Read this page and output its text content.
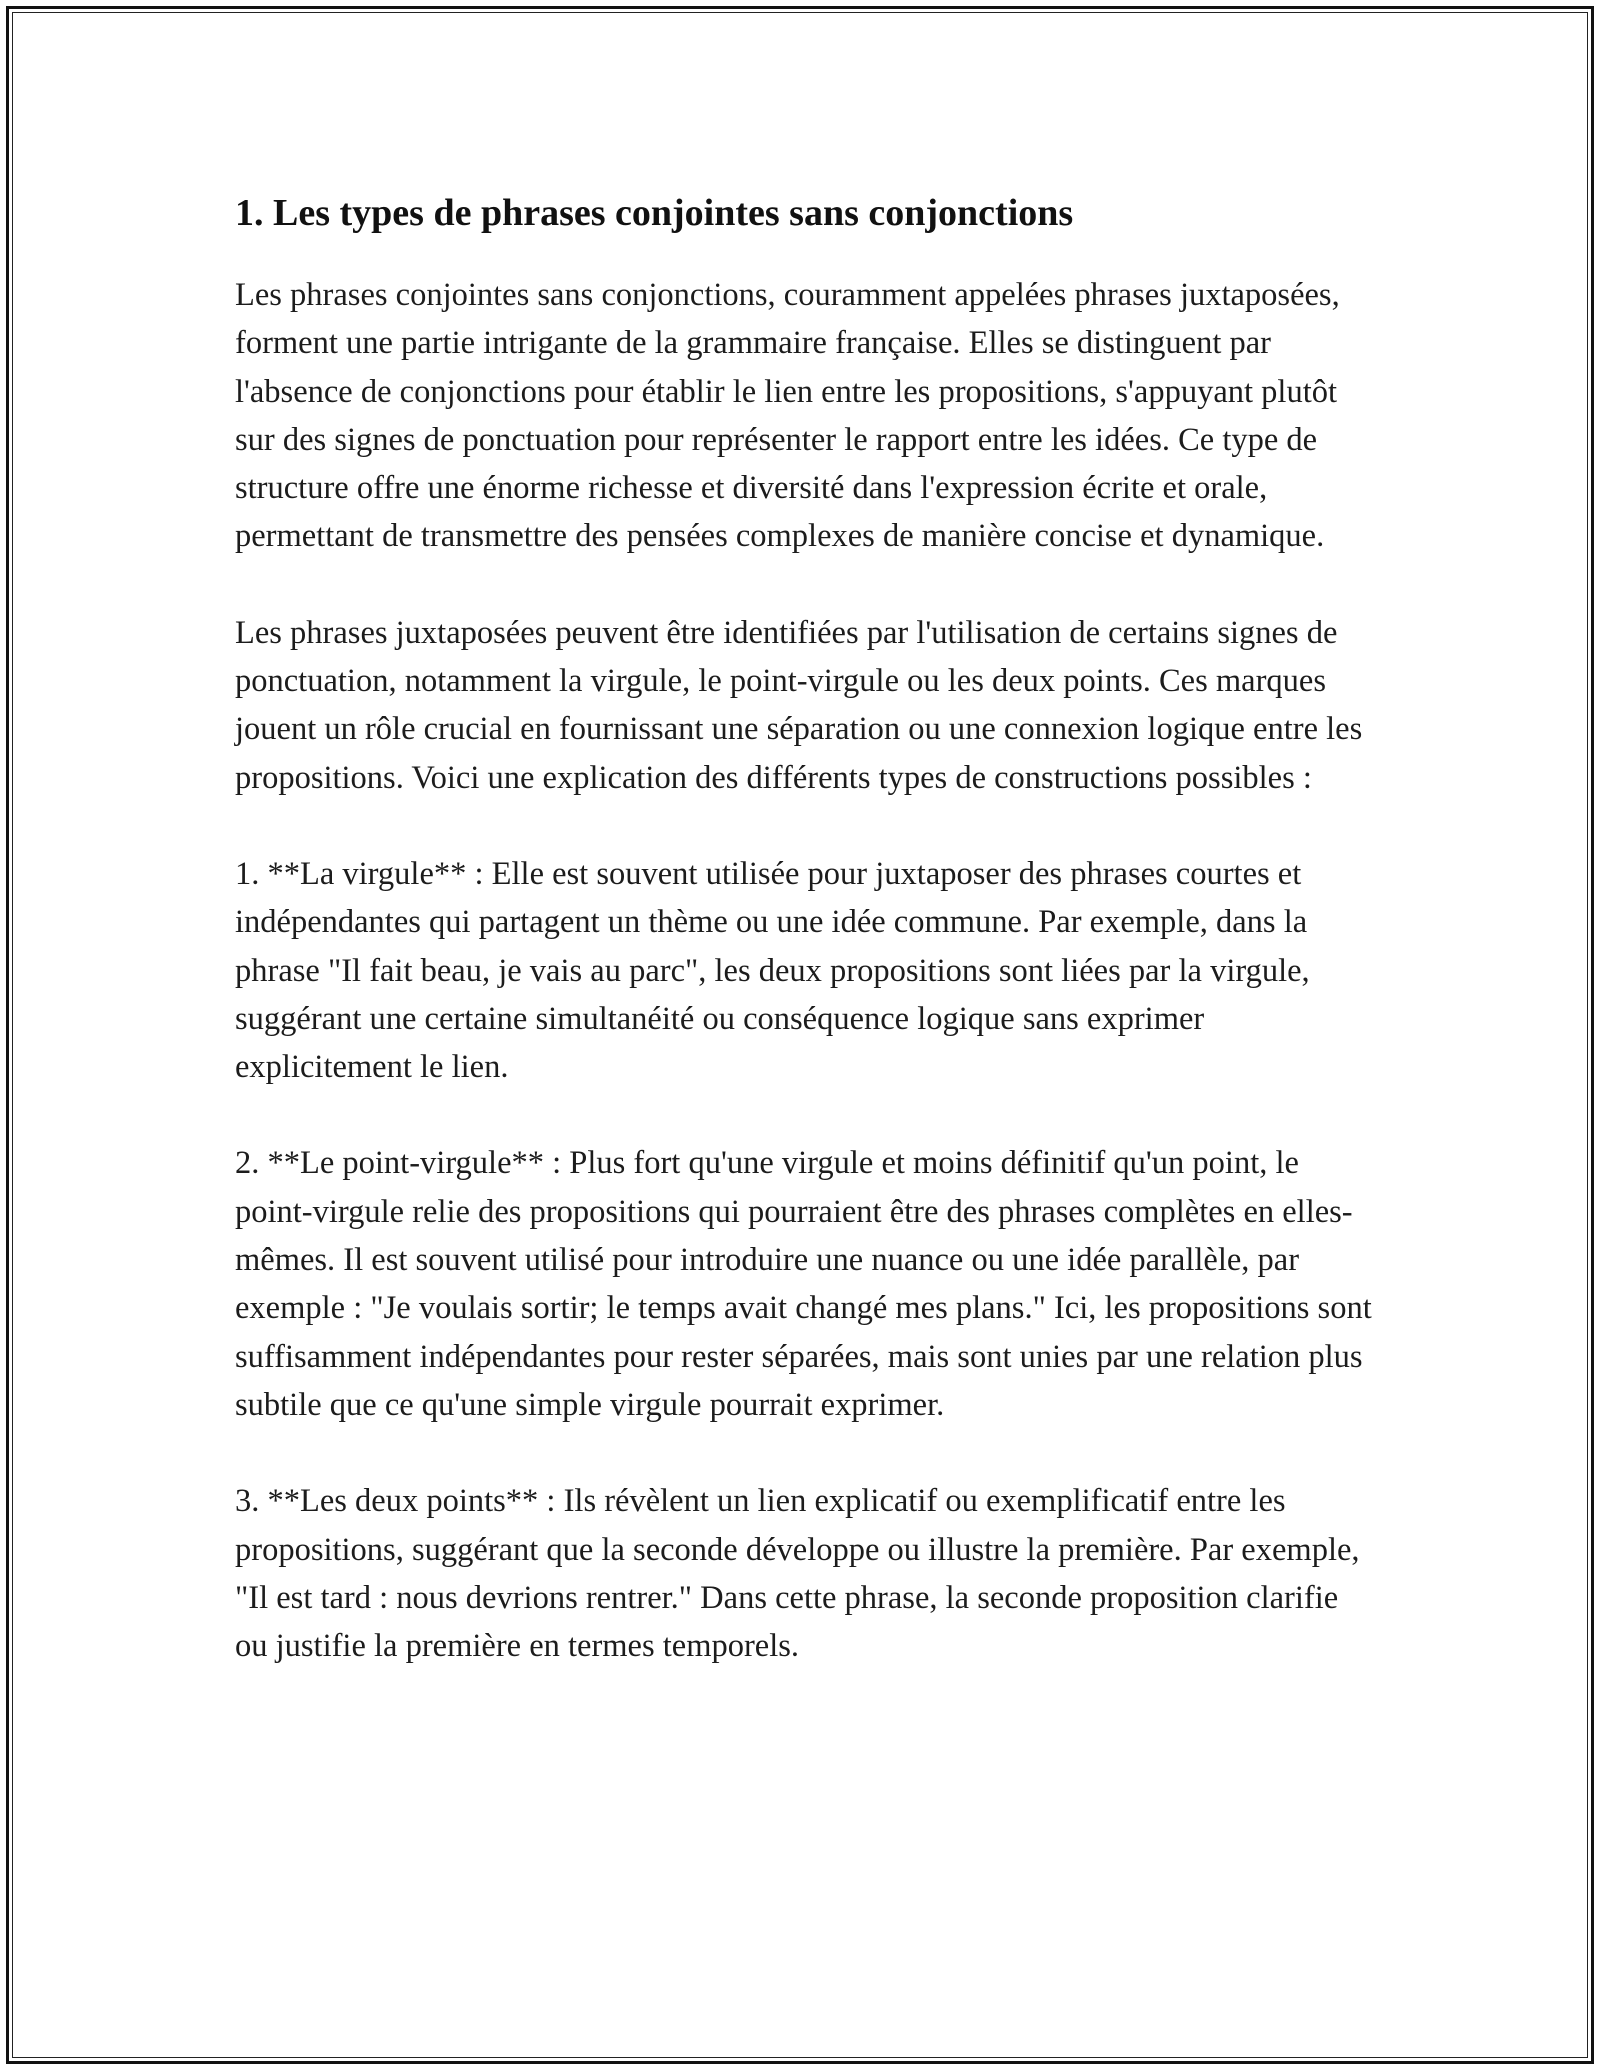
1. Les types de phrases conjointes sans conjonctions

Les phrases conjointes sans conjonctions, couramment appelées phrases juxtaposées, forment une partie intrigante de la grammaire française. Elles se distinguent par l'absence de conjonctions pour établir le lien entre les propositions, s'appuyant plutôt sur des signes de ponctuation pour représenter le rapport entre les idées. Ce type de structure offre une énorme richesse et diversité dans l'expression écrite et orale, permettant de transmettre des pensées complexes de manière concise et dynamique.

Les phrases juxtaposées peuvent être identifiées par l'utilisation de certains signes de ponctuation, notamment la virgule, le point-virgule ou les deux points. Ces marques jouent un rôle crucial en fournissant une séparation ou une connexion logique entre les propositions. Voici une explication des différents types de constructions possibles :

1. **La virgule** : Elle est souvent utilisée pour juxtaposer des phrases courtes et indépendantes qui partagent un thème ou une idée commune. Par exemple, dans la phrase "Il fait beau, je vais au parc", les deux propositions sont liées par la virgule, suggérant une certaine simultanéité ou conséquence logique sans exprimer explicitement le lien.

2. **Le point-virgule** : Plus fort qu'une virgule et moins définitif qu'un point, le point-virgule relie des propositions qui pourraient être des phrases complètes en elles-mêmes. Il est souvent utilisé pour introduire une nuance ou une idée parallèle, par exemple : "Je voulais sortir; le temps avait changé mes plans." Ici, les propositions sont suffisamment indépendantes pour rester séparées, mais sont unies par une relation plus subtile que ce qu'une simple virgule pourrait exprimer.

3. **Les deux points** : Ils révèlent un lien explicatif ou exemplificatif entre les propositions, suggérant que la seconde développe ou illustre la première. Par exemple, "Il est tard : nous devrions rentrer." Dans cette phrase, la seconde proposition clarifie ou justifie la première en termes temporels.
